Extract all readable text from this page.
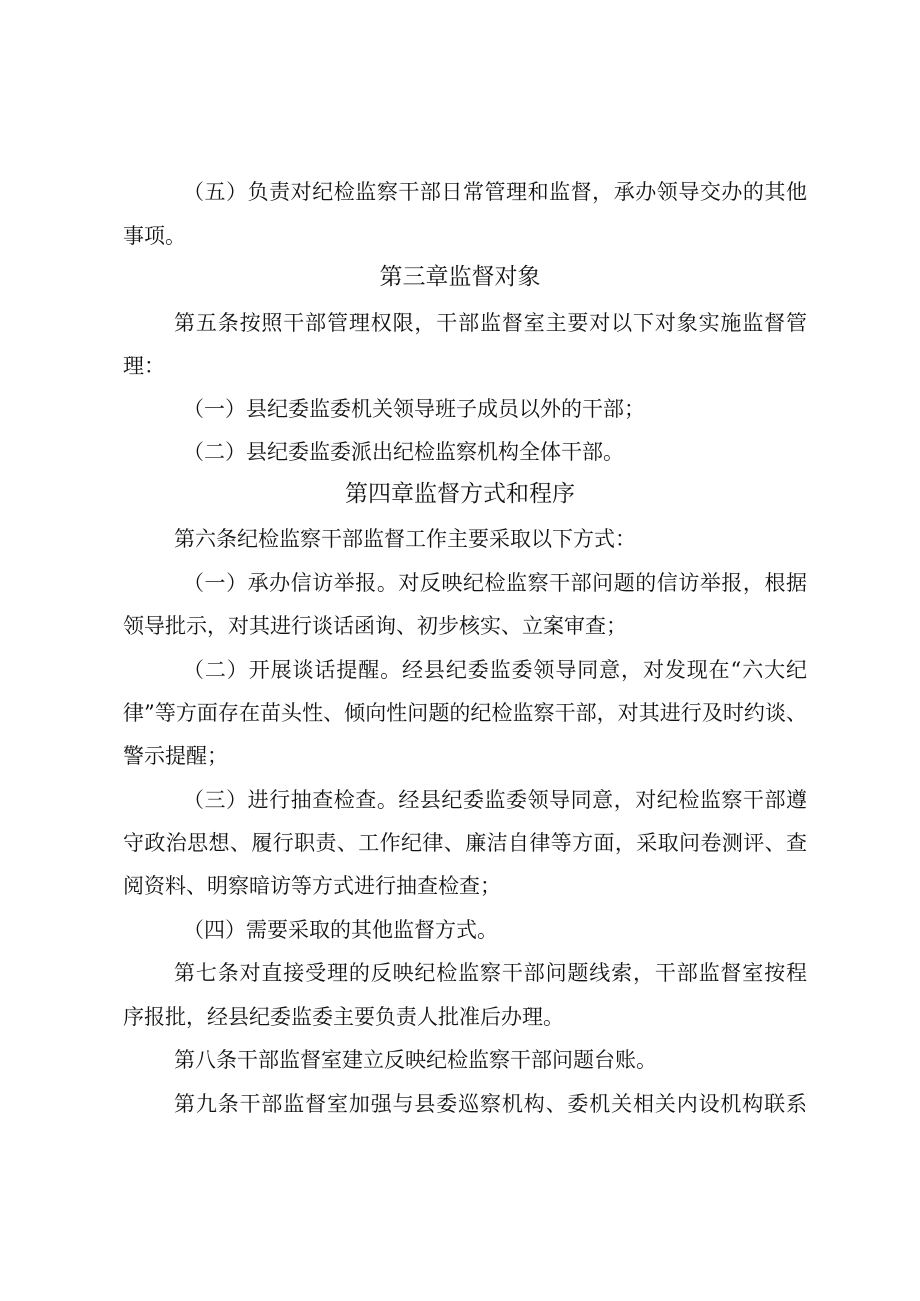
（五）负责对纪检监察干部日常管理和监督，承办领导交办的其他
事项。
第三章监督对象
第五条按照干部管理权限，干部监督室主要对以下对象实施监督管
理：
（一）县纪委监委机关领导班子成员以外的干部；
（二）县纪委监委派出纪检监察机构全体干部。
第四章监督方式和程序
第六条纪检监察干部监督工作主要采取以下方式：
（一）承办信访举报。对反映纪检监察干部问题的信访举报，根据
领导批示，对其进行谈话函询、初步核实、立案审查；
（二）开展谈话提醒。经县纪委监委领导同意，对发现在“六大纪
律”等方面存在苗头性、倾向性问题的纪检监察干部，对其进行及时约谈、
警示提醒；
（三）进行抽查检查。经县纪委监委领导同意，对纪检监察干部遵
守政治思想、履行职责、工作纪律、廉洁自律等方面，采取问卷测评、查
阅资料、明察暗访等方式进行抽查检查；
（四）需要采取的其他监督方式。
第七条对直接受理的反映纪检监察干部问题线索，干部监督室按程
序报批，经县纪委监委主要负责人批准后办理。
第八条干部监督室建立反映纪检监察干部问题台账。
第九条干部监督室加强与县委巡察机构、委机关相关内设机构联系
